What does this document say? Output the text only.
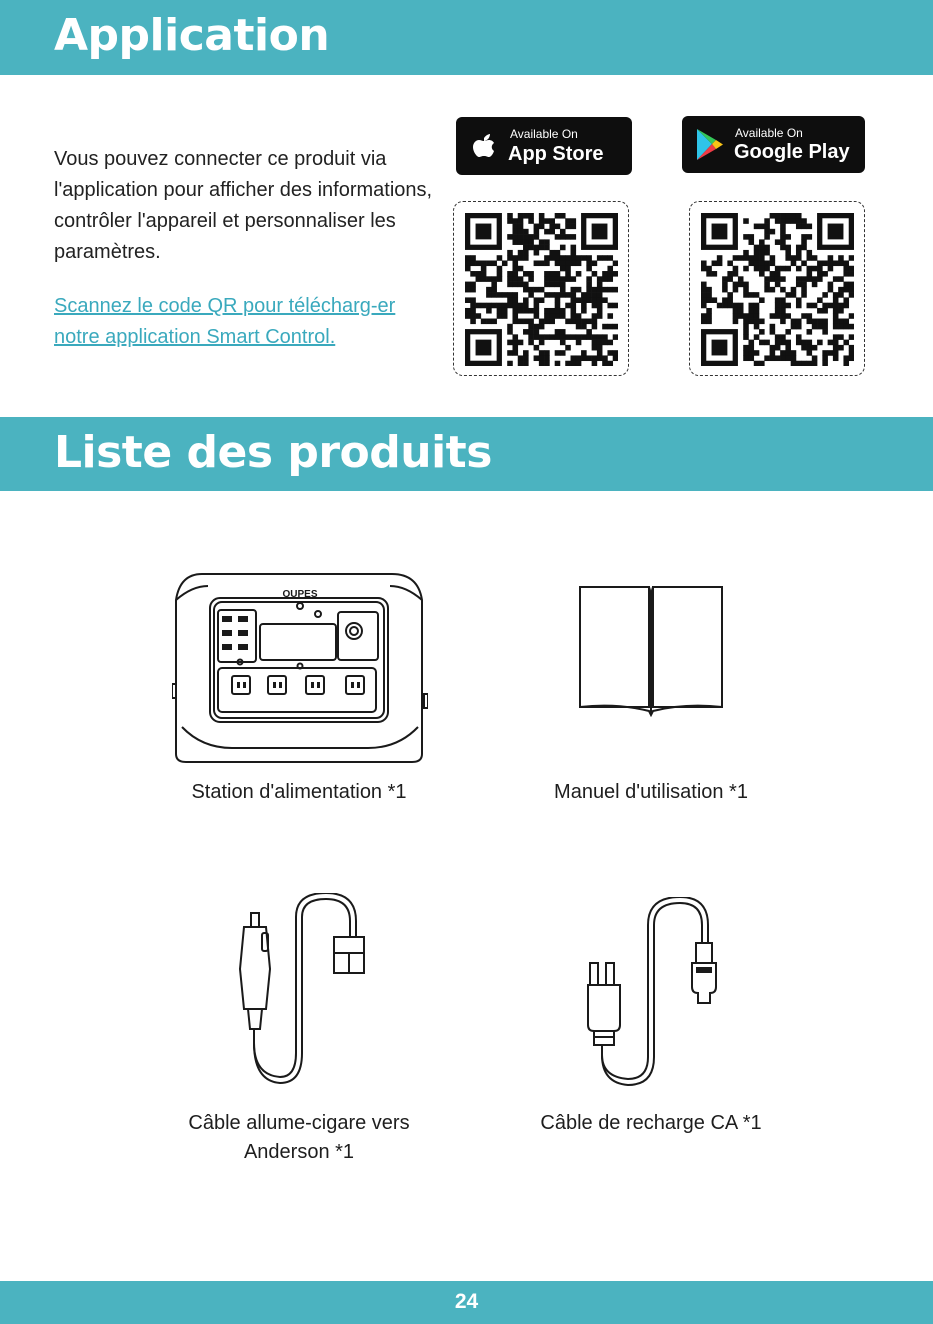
Application

Vous pouvez connecter ce produit via l'application pour afficher des informations, contrôler l'appareil et personnaliser les paramètres.

Scannez le code QR pour télécharg-er notre application Smart Control.

Available On
App Store
Available On
Google Play
Liste des produits
OUPES

Station d'alimentation *1	Manuel d'utilisation *1

Câble allume-cigare vers Anderson *1

Câble de recharge CA *1

24
